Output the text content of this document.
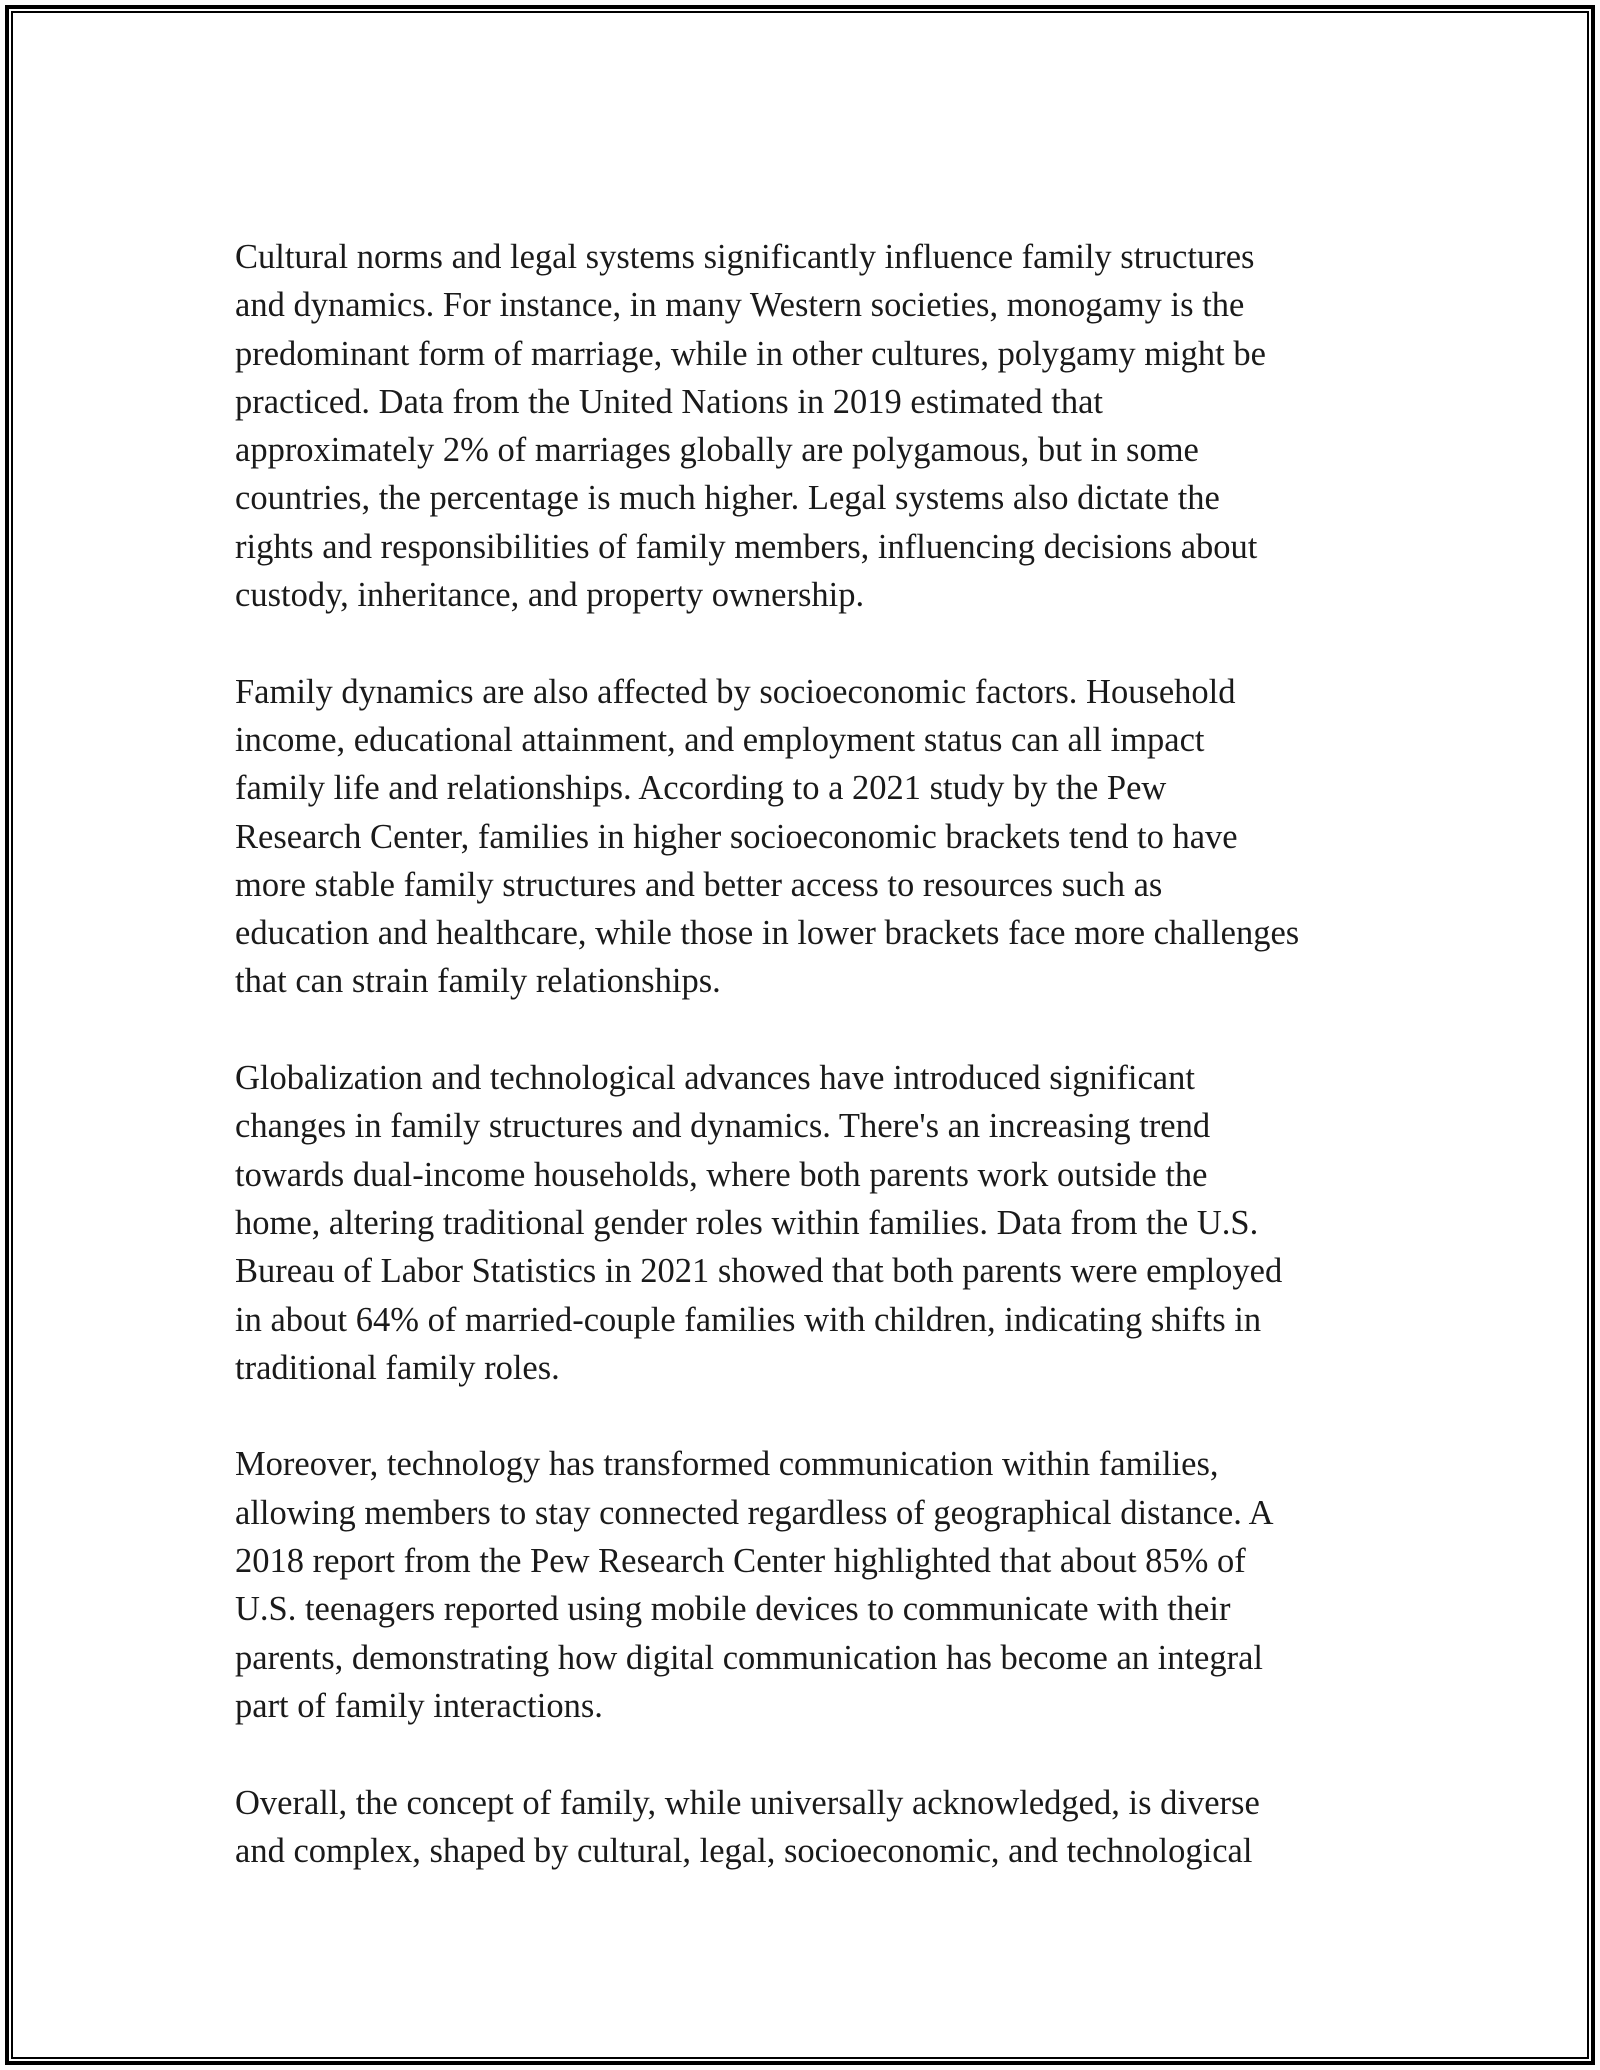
Cultural norms and legal systems significantly influence family structures
and dynamics. For instance, in many Western societies, monogamy is the
predominant form of marriage, while in other cultures, polygamy might be
practiced. Data from the United Nations in 2019 estimated that
approximately 2% of marriages globally are polygamous, but in some
countries, the percentage is much higher. Legal systems also dictate the
rights and responsibilities of family members, influencing decisions about
custody, inheritance, and property ownership.

Family dynamics are also affected by socioeconomic factors. Household
income, educational attainment, and employment status can all impact
family life and relationships. According to a 2021 study by the Pew
Research Center, families in higher socioeconomic brackets tend to have
more stable family structures and better access to resources such as
education and healthcare, while those in lower brackets face more challenges
that can strain family relationships.

Globalization and technological advances have introduced significant
changes in family structures and dynamics. There's an increasing trend
towards dual-income households, where both parents work outside the
home, altering traditional gender roles within families. Data from the U.S.
Bureau of Labor Statistics in 2021 showed that both parents were employed
in about 64% of married-couple families with children, indicating shifts in
traditional family roles.

Moreover, technology has transformed communication within families,
allowing members to stay connected regardless of geographical distance. A
2018 report from the Pew Research Center highlighted that about 85% of
U.S. teenagers reported using mobile devices to communicate with their
parents, demonstrating how digital communication has become an integral
part of family interactions.

Overall, the concept of family, while universally acknowledged, is diverse
and complex, shaped by cultural, legal, socioeconomic, and technological
